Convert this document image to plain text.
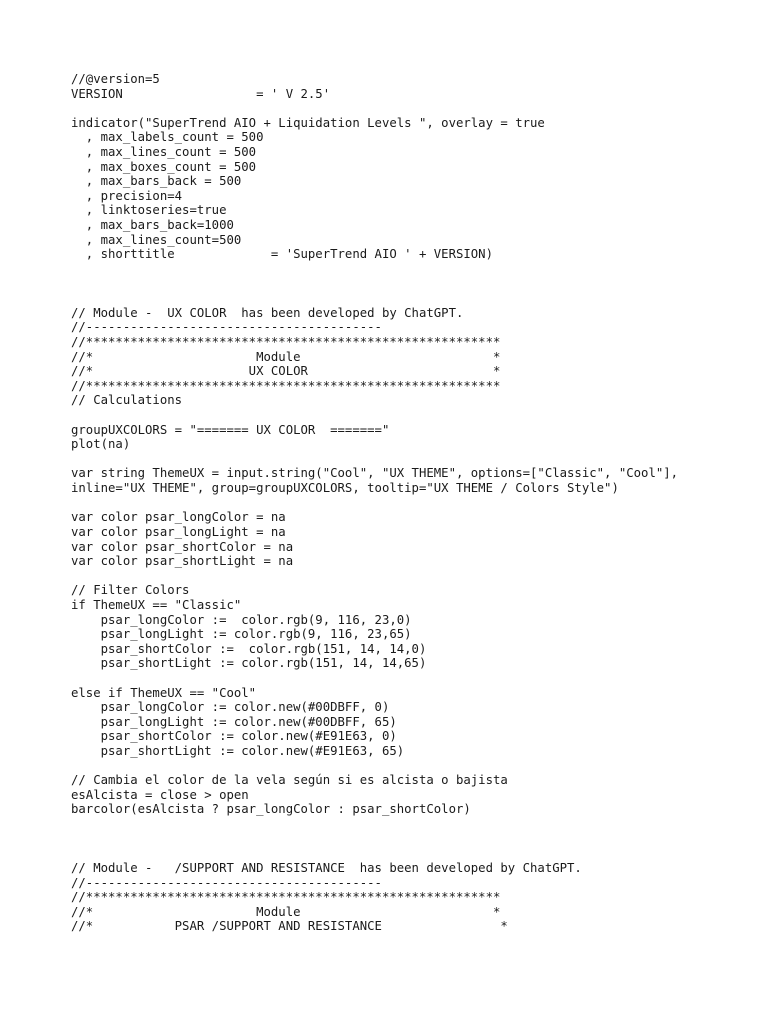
//@version=5
VERSION                  = ' V 2.5'
indicator("SuperTrend AIO + Liquidation Levels ", overlay = true
, max_labels_count = 500
, max_lines_count = 500
, max_boxes_count = 500
, max_bars_back = 500
, precision=4
, linktoseries=true
, max_bars_back=1000
, max_lines_count=500
, shorttitle             = 'SuperTrend AIO ' + VERSION)
// Module -  UX COLOR  has been developed by ChatGPT.
//----------------------------------------
//********************************************************
//*                      Module                          *
//*                     UX COLOR                         *
//********************************************************
// Calculations
groupUXCOLORS = "======= UX COLOR  ======="
plot(na)
var string ThemeUX = input.string("Cool", "UX THEME", options=["Classic", "Cool"],
inline="UX THEME", group=groupUXCOLORS, tooltip="UX THEME / Colors Style")
var color psar_longColor = na
var color psar_longLight = na
var color psar_shortColor = na
var color psar_shortLight = na
// Filter Colors
if ThemeUX == "Classic"
psar_longColor :=  color.rgb(9, 116, 23,0)
psar_longLight := color.rgb(9, 116, 23,65)
psar_shortColor :=  color.rgb(151, 14, 14,0)
psar_shortLight := color.rgb(151, 14, 14,65)
else if ThemeUX == "Cool"
psar_longColor := color.new(#00DBFF, 0)
psar_longLight := color.new(#00DBFF, 65)
psar_shortColor := color.new(#E91E63, 0)
psar_shortLight := color.new(#E91E63, 65)
// Cambia el color de la vela según si es alcista o bajista
esAlcista = close > open
barcolor(esAlcista ? psar_longColor : psar_shortColor)
// Module -   /SUPPORT AND RESISTANCE  has been developed by ChatGPT.
//----------------------------------------
//********************************************************
//*                      Module                          *
//*           PSAR /SUPPORT AND RESISTANCE                *
